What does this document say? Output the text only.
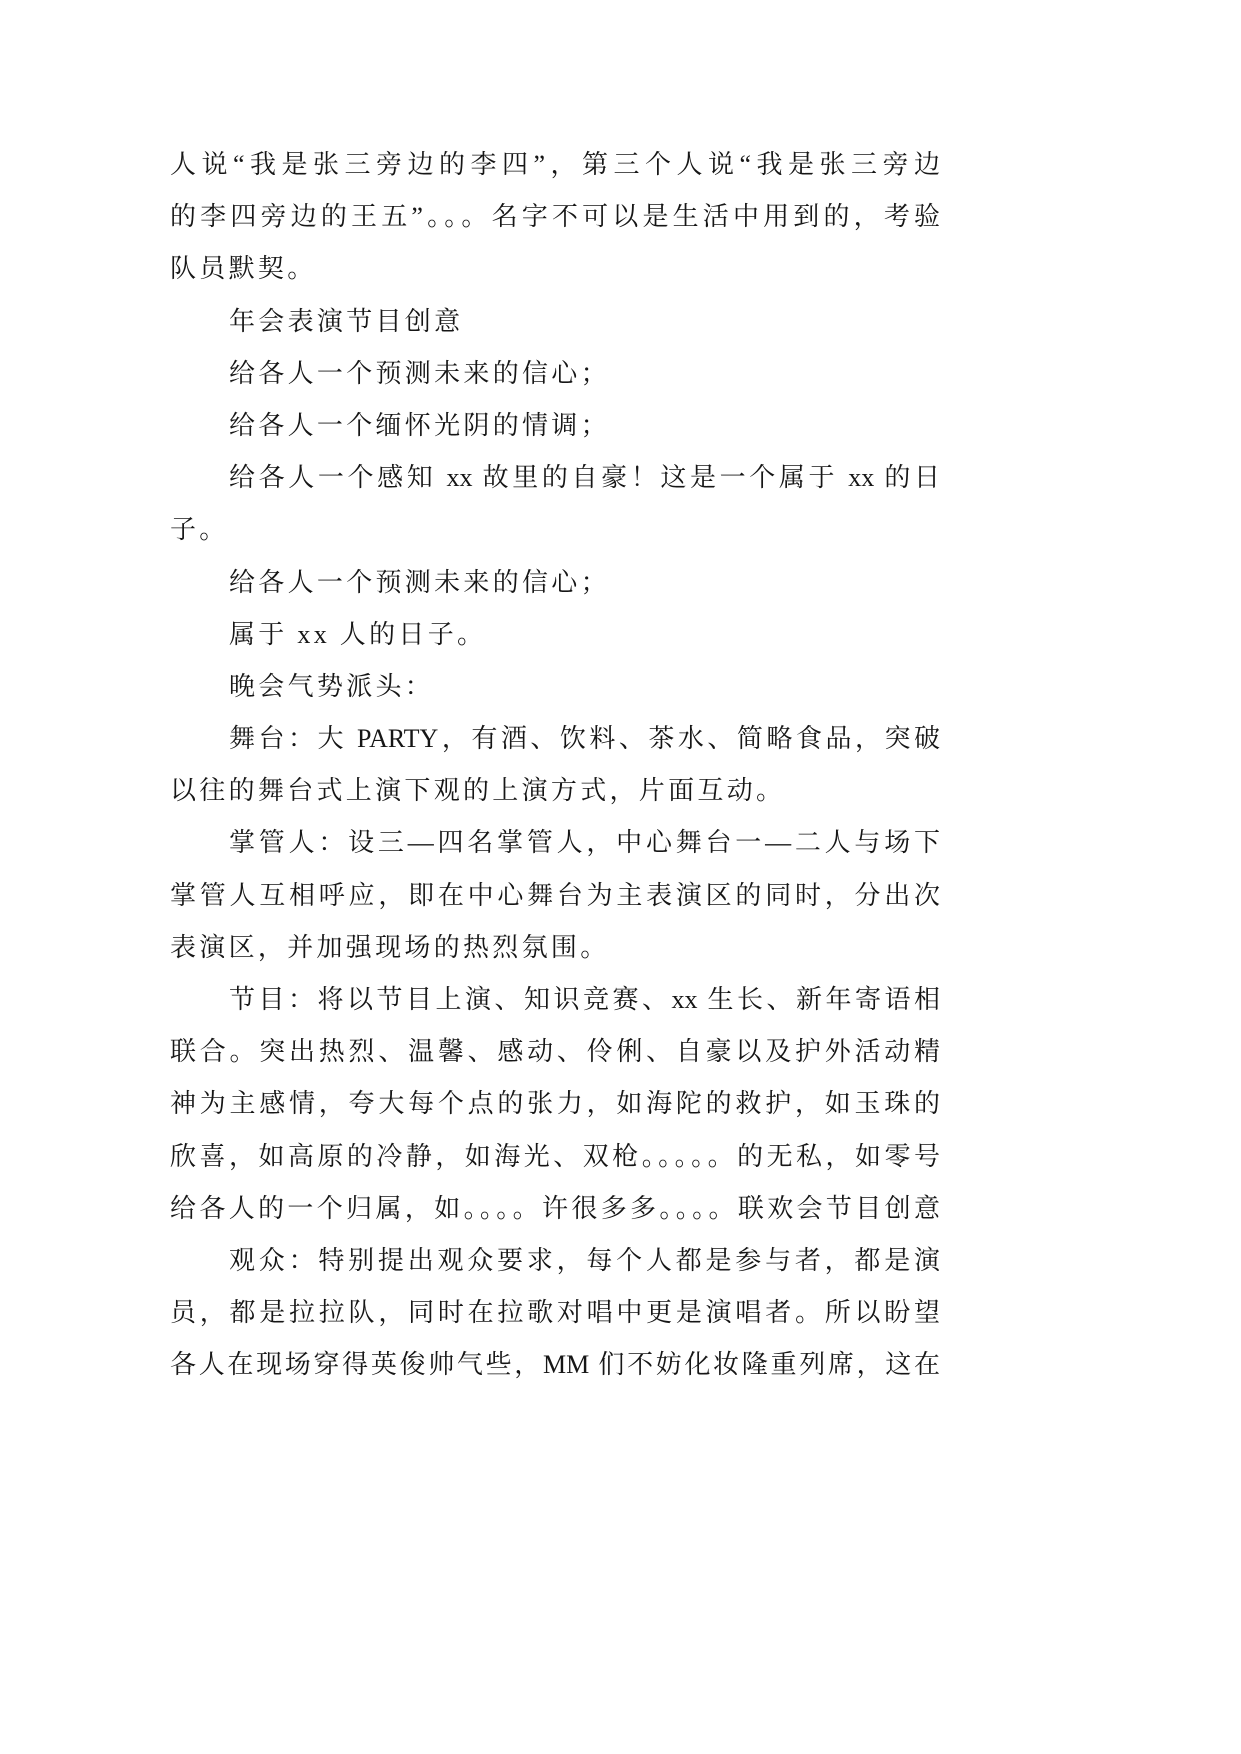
人说“我是张三旁边的李四”，第三个人说“我是张三旁边
的李四旁边的王五”。。。名字不可以是生活中用到的，考验
队员默契。
年会表演节目创意
给各人一个预测未来的信心；
给各人一个缅怀光阴的情调；
给各人一个感知 xx 故里的自豪！这是一个属于 xx 的日
子。
给各人一个预测未来的信心；
属于 xx 人的日子。
晚会气势派头：
舞台：大 PARTY，有酒、饮料、茶水、简略食品，突破
以往的舞台式上演下观的上演方式，片面互动。
掌管人：设三—四名掌管人，中心舞台一—二人与场下
掌管人互相呼应，即在中心舞台为主表演区的同时，分出次
表演区，并加强现场的热烈氛围。
节目：将以节目上演、知识竞赛、xx 生长、新年寄语相
联合。突出热烈、温馨、感动、伶俐、自豪以及护外活动精
神为主感情，夸大每个点的张力，如海陀的救护，如玉珠的
欣喜，如高原的冷静，如海光、双枪。。。。。的无私，如零号
给各人的一个归属，如。。。。许很多多。。。。联欢会节目创意
观众：特别提出观众要求，每个人都是参与者，都是演
员，都是拉拉队，同时在拉歌对唱中更是演唱者。所以盼望
各人在现场穿得英俊帅气些，MM 们不妨化妆隆重列席，这在
